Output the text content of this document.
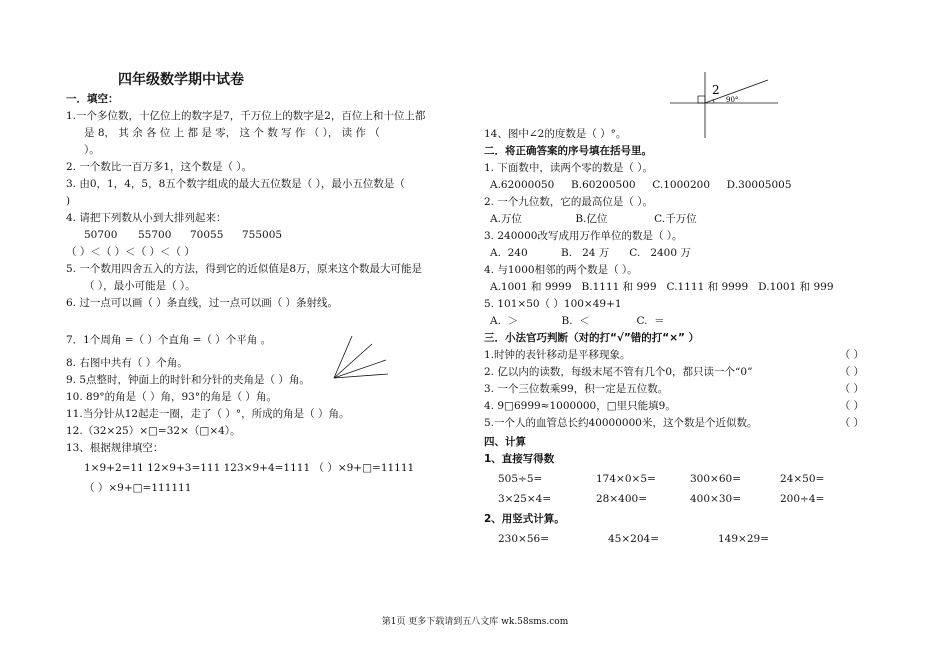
四年级数学期中试卷
一．填空：
1.一个多位数，十亿位上的数字是7，千万位上的数字是2，百位上和十位上都
是 8， 其 余 各 位 上 都 是 零， 这 个 数 写 作 （ ）， 读 作 （
）。
2. 一个数比一百万多1，这个数是（ ）。
3. 由0，1，4，5，8五个数字组成的最大五位数是（ ），最小五位数是（
)
4. 请把下列数从小到大排列起来：
50700	55700	70055	755005
（ ）＜（ ）＜（ ）＜（ ）
5. 一个数用四舍五入的方法，得到它的近似值是8万，原来这个数最大可能是
（ ），最小可能是（ ）。
6. 过一点可以画（ ）条直线，过一点可以画（ ）条射线。
7．1个周角 =（ ）个直角 =（ ）个平角 。
8. 右图中共有（ ）个角。
9. 5点整时，钟面上的时针和分针的夹角是（ ）角。
10. 89°的角是（ ）角，93°的角是（ ）角。
11.当分针从12起走一圈，走了（ ）°，所成的角是（ ）角。
12.（32×25）×□=32×（□×4）。
13、根据规律填空：
1×9+2=11 12×9+3=111 123×9+4=1111 （ ）×9+□=11111
（ ）×9+□=111111
2
90°
14、图中∠2的度数是（ ）°。
二．将正确答案的序号填在括号里。
1. 下面数中，读两个零的数是（ ）。
A.62000050     B.60200500     C.1000200     D.30005005
2. 一个九位数，它的最高位是（ ）。
A.万位                B.亿位              C.千万位
3. 240000改写成用万作单位的数是（ ）。
A.  240          B.   24 万      C.   2400 万
4. 与1000相邻的两个数是（ ）。
A.1001 和 9999   B.1111 和 999   C.1111 和 9999   D.1001 和 999
5. 101×50（ ）100×49+1
A.  ＞             B.  ＜              C.  ＝
三．小法官巧判断（对的打“√”错的打“×” ）
1.时钟的表针移动是平移现象。	（ ）
2. 亿以内的读数，每级末尾不管有几个0，都只读一个“0”	（ ）
3. 一个三位数乘99，积一定是五位数。	（ ）
4. 9□6999≈1000000，□里只能填9。	（ ）
5.一个人的血管总长约40000000米，这个数是个近似数。	（ ）
四、计算
1、直接写得数
505÷5=	174×0×5=	300×60=	24×50=
3×25×4=	28×400=	400×30=	200÷4=
2、用竖式计算。
230×56=	45×204=	149×29=
第1页 更多下载请到五八文库 wk.58sms.com
